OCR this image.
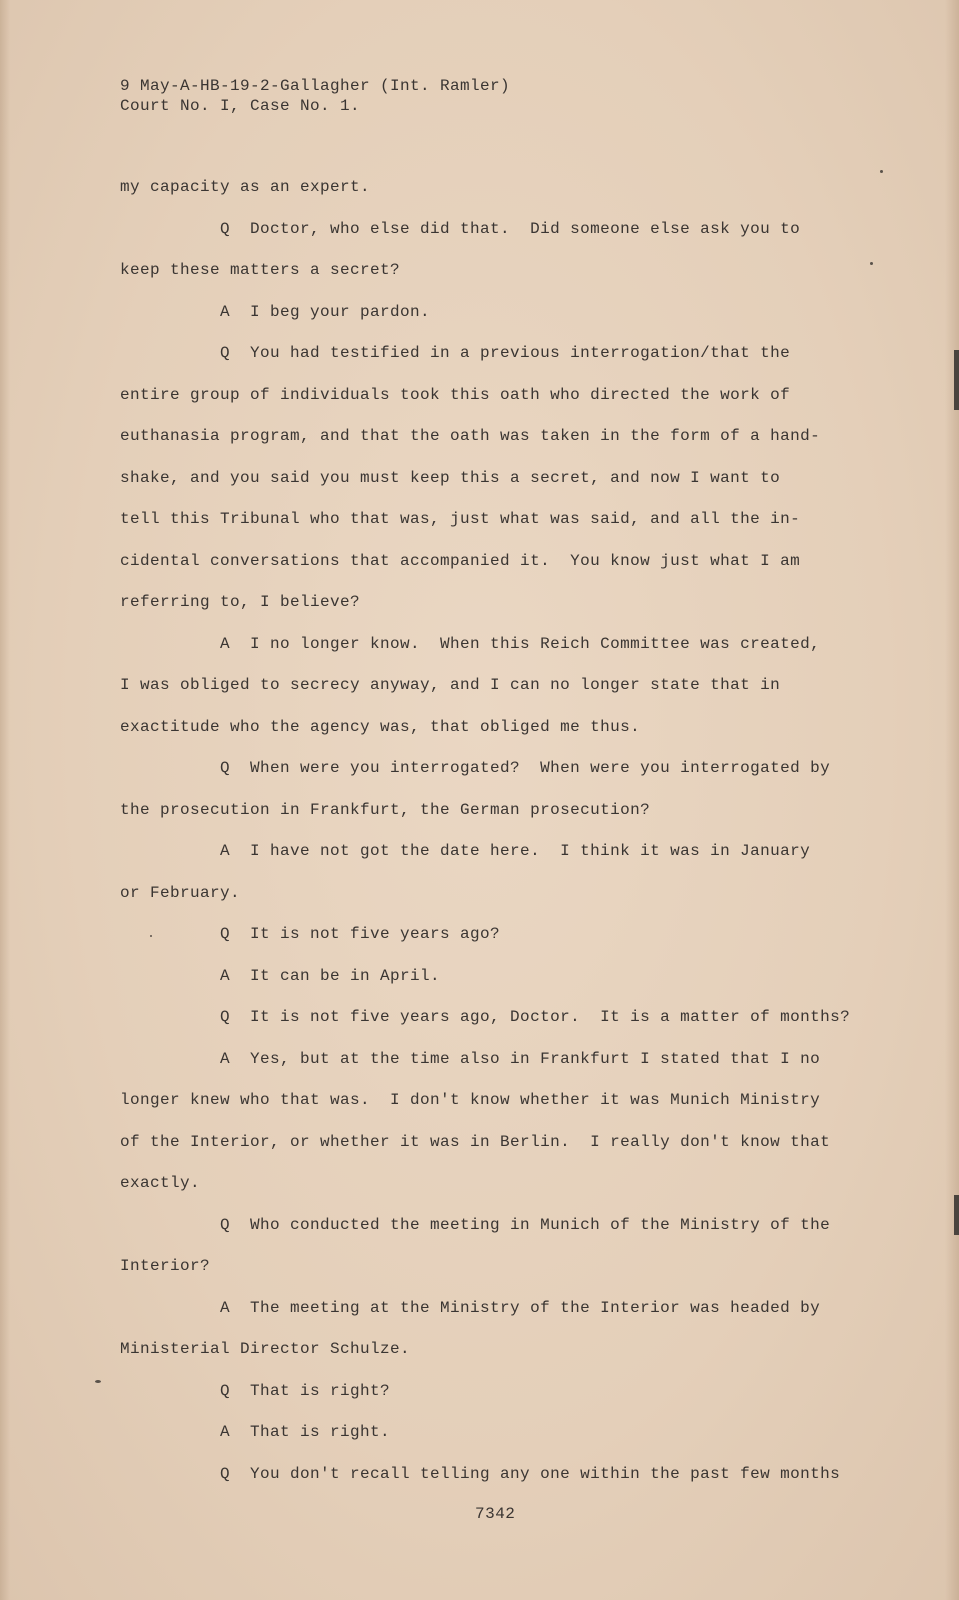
9 May-A-HB-19-2-Gallagher (Int. Ramler)
Court No. I, Case No. 1.
my capacity as an expert.
Q  Doctor, who else did that.  Did someone else ask you to
keep these matters a secret?
A  I beg your pardon.
Q  You had testified in a previous interrogation/that the
entire group of individuals took this oath who directed the work of
euthanasia program, and that the oath was taken in the form of a hand-
shake, and you said you must keep this a secret, and now I want to
tell this Tribunal who that was, just what was said, and all the in-
cidental conversations that accompanied it.  You know just what I am
referring to, I believe?
A  I no longer know.  When this Reich Committee was created,
I was obliged to secrecy anyway, and I can no longer state that in
exactitude who the agency was, that obliged me thus.
Q  When were you interrogated?  When were you interrogated by
the prosecution in Frankfurt, the German prosecution?
A  I have not got the date here.  I think it was in January
or February.
Q  It is not five years ago?
A  It can be in April.
Q  It is not five years ago, Doctor.  It is a matter of months?
A  Yes, but at the time also in Frankfurt I stated that I no
longer knew who that was.  I don't know whether it was Munich Ministry
of the Interior, or whether it was in Berlin.  I really don't know that
exactly.
Q  Who conducted the meeting in Munich of the Ministry of the
Interior?
A  The meeting at the Ministry of the Interior was headed by
Ministerial Director Schulze.
Q  That is right?
A  That is right.
Q  You don't recall telling any one within the past few months
7342
